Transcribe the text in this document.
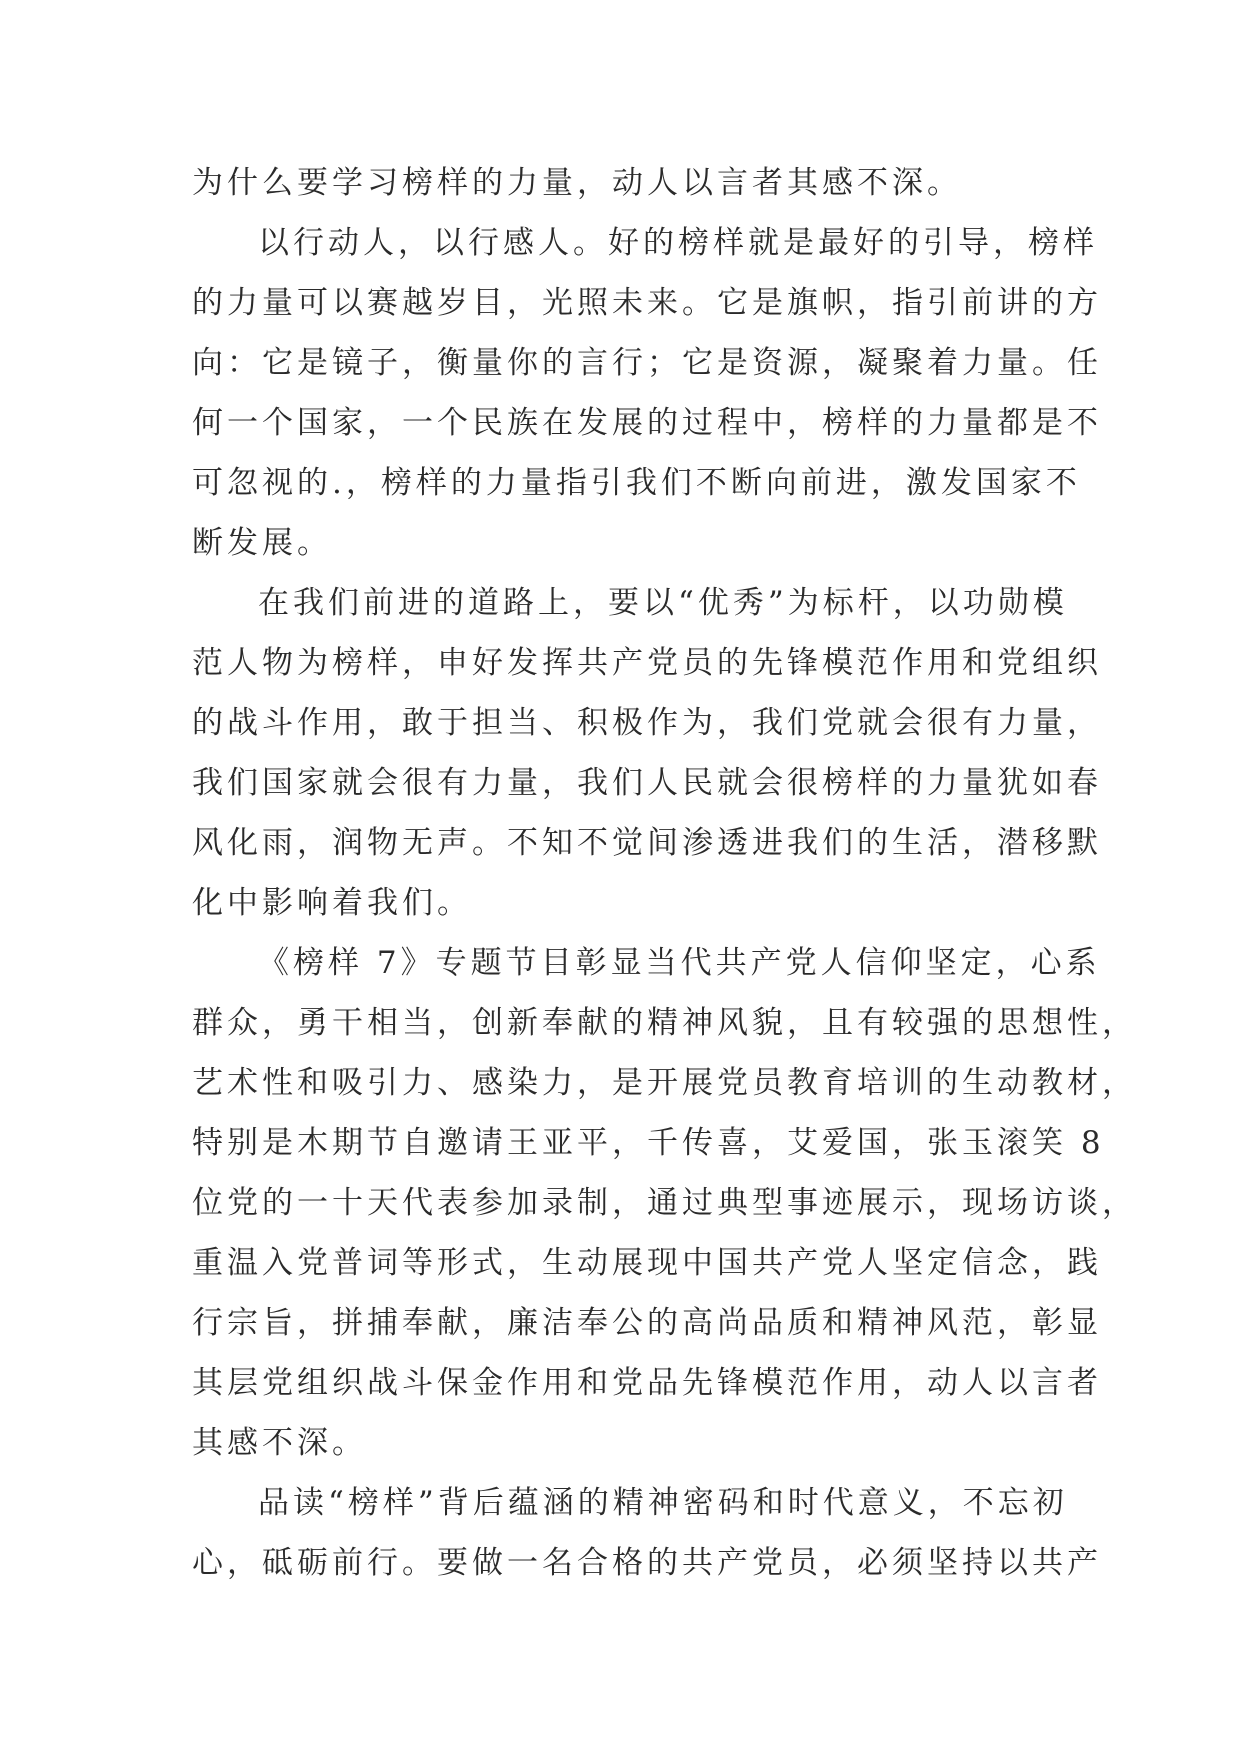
为什么要学习榜样的力量，动人以言者其感不深。
以行动人，以行感人。好的榜样就是最好的引导，榜样
的力量可以赛越岁目，光照未来。它是旗帜，指引前讲的方
向：它是镜子，衡量你的言行；它是资源，凝聚着力量。任
何一个国家，一个民族在发展的过程中，榜样的力量都是不
可忽视的.，榜样的力量指引我们不断向前进，激发国家不
断发展。
在我们前进的道路上，要以“优秀”为标杆，以功勋模
范人物为榜样，申好发挥共产党员的先锋模范作用和党组织
的战斗作用，敢于担当、积极作为，我们党就会很有力量，
我们国家就会很有力量，我们人民就会很榜样的力量犹如春
风化雨，润物无声。不知不觉间渗透进我们的生活，潜移默
化中影响着我们。
《榜样 7》专题节目彰显当代共产党人信仰坚定，心系
群众，勇干相当，创新奉献的精神风貌，且有较强的思想性，
艺术性和吸引力、感染力，是开展党员教育培训的生动教材，
特别是木期节自邀请王亚平，千传喜，艾爱国，张玉滚笑 8
位党的一十天代表参加录制，通过典型事迹展示，现场访谈，
重温入党普词等形式，生动展现中国共产党人坚定信念，践
行宗旨，拼捕奉献，廉洁奉公的高尚品质和精神风范，彰显
其层党组织战斗保金作用和党品先锋模范作用，动人以言者
其感不深。
品读“榜样”背后蕴涵的精神密码和时代意义，不忘初
心，砥砺前行。要做一名合格的共产党员，必须坚持以共产
